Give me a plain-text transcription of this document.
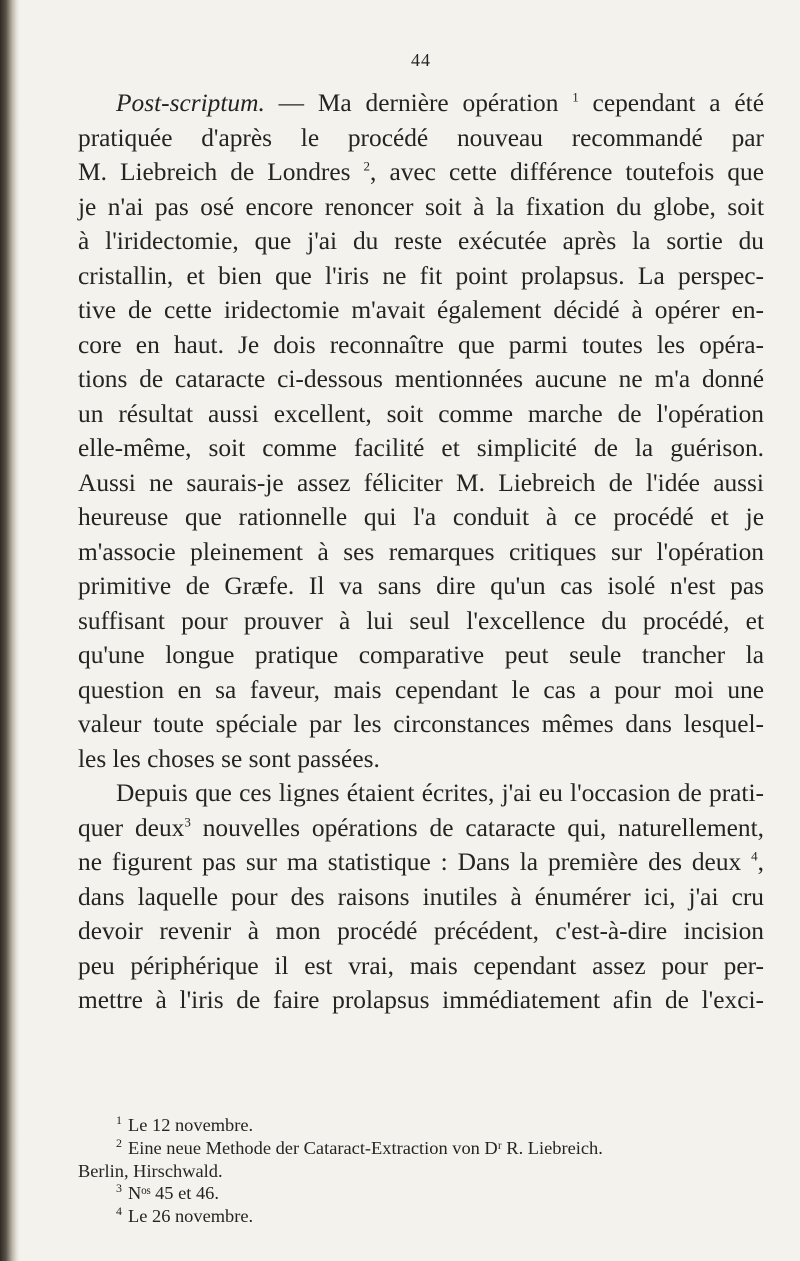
44
Post-scriptum. — Ma dernière opération $^1$ cependant a été
pratiquée d'après le procédé nouveau recommandé par
M. Liebreich de Londres $^2$, avec cette différence toutefois que
je n'ai pas osé encore renoncer soit à la fixation du globe, soit
à l'iridectomie, que j'ai du reste exécutée après la sortie du
cristallin, et bien que l'iris ne fit point prolapsus. La perspec-
tive de cette iridectomie m'avait également décidé à opérer en-
core en haut. Je dois reconnaître que parmi toutes les opéra-
tions de cataracte ci-dessous mentionnées aucune ne m'a donné
un résultat aussi excellent, soit comme marche de l'opération
elle-même, soit comme facilité et simplicité de la guérison.
Aussi ne saurais-je assez féliciter M. Liebreich de l'idée aussi
heureuse que rationnelle qui l'a conduit à ce procédé et je
m'associe pleinement à ses remarques critiques sur l'opération
primitive de Græfe. Il va sans dire qu'un cas isolé n'est pas
suffisant pour prouver à lui seul l'excellence du procédé, et
qu'une longue pratique comparative peut seule trancher la
question en sa faveur, mais cependant le cas a pour moi une
valeur toute spéciale par les circonstances mêmes dans lesquel-
les les choses se sont passées.
Depuis que ces lignes étaient écrites, j'ai eu l'occasion de prati-
quer deux$^3$ nouvelles opérations de cataracte qui, naturellement,
ne figurent pas sur ma statistique : Dans la première des deux $^4$,
dans laquelle pour des raisons inutiles à énumérer ici, j'ai cru
devoir revenir à mon procédé précédent, c'est-à-dire incision
peu périphérique il est vrai, mais cependant assez pour per-
mettre à l'iris de faire prolapsus immédiatement afin de l'exci-
$^1$ Le 12 novembre.
$^2$ Eine neue Methode der Cataract-Extraction von Dʳ R. Liebreich.
Berlin, Hirschwald.
$^3$ Nᵒˢ 45 et 46.
$^4$ Le 26 novembre.
